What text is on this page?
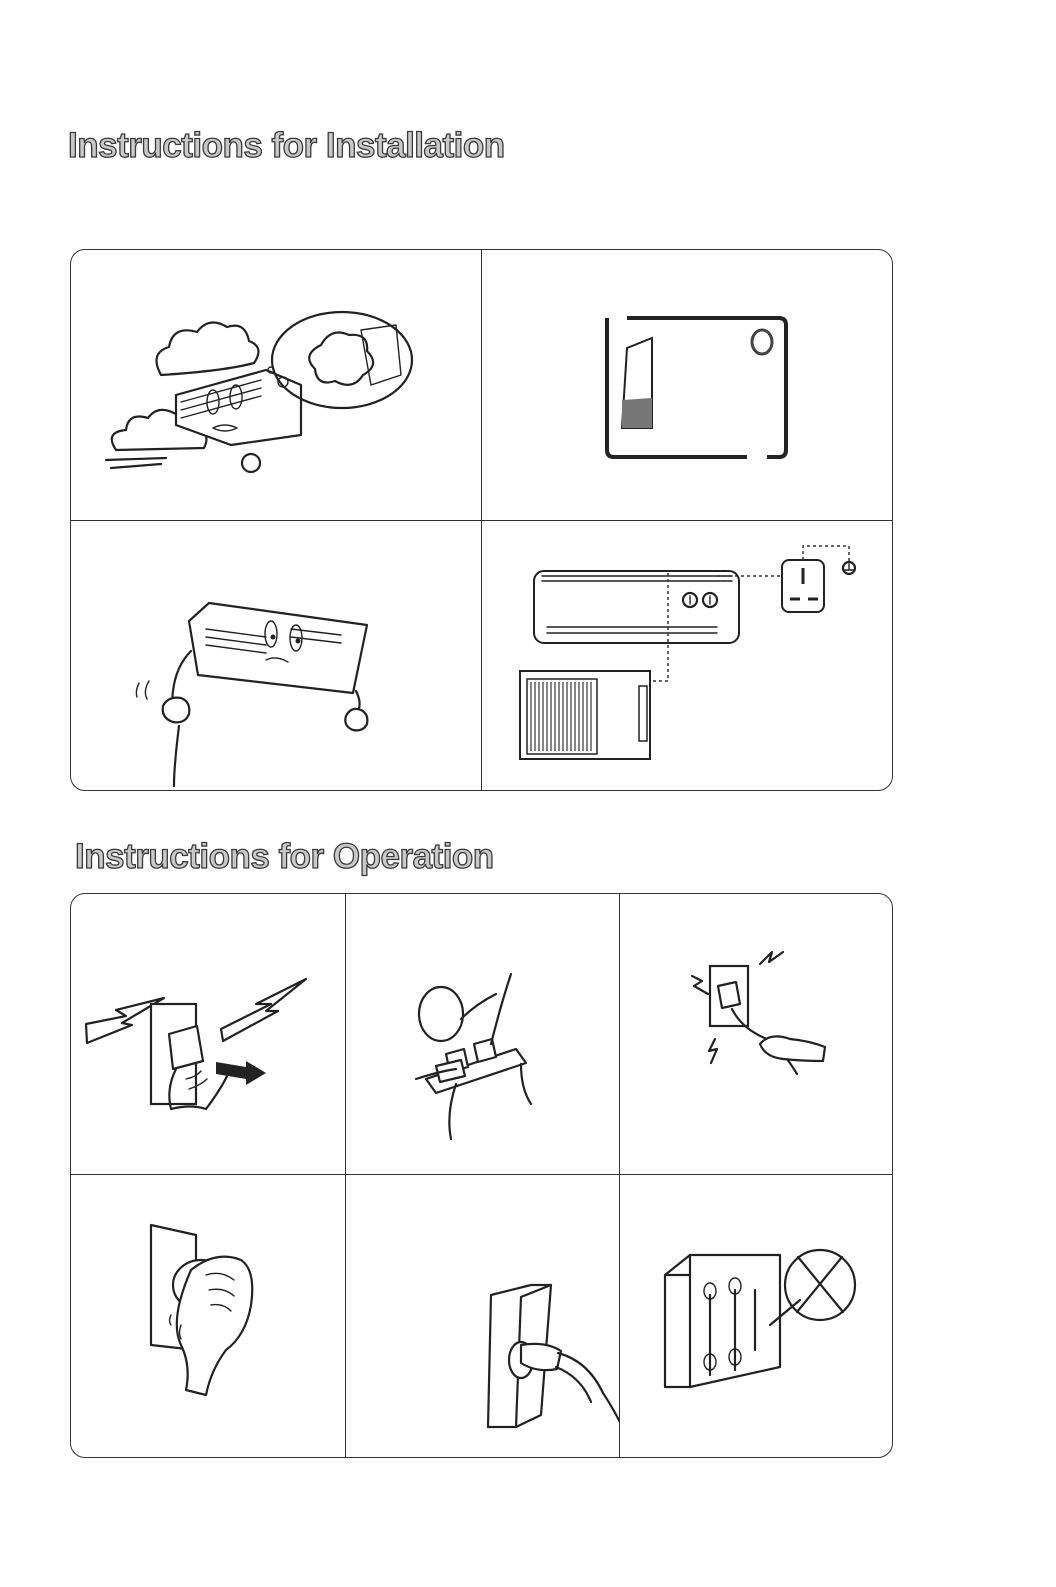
Instructions for Installation
Instructions for Operation
